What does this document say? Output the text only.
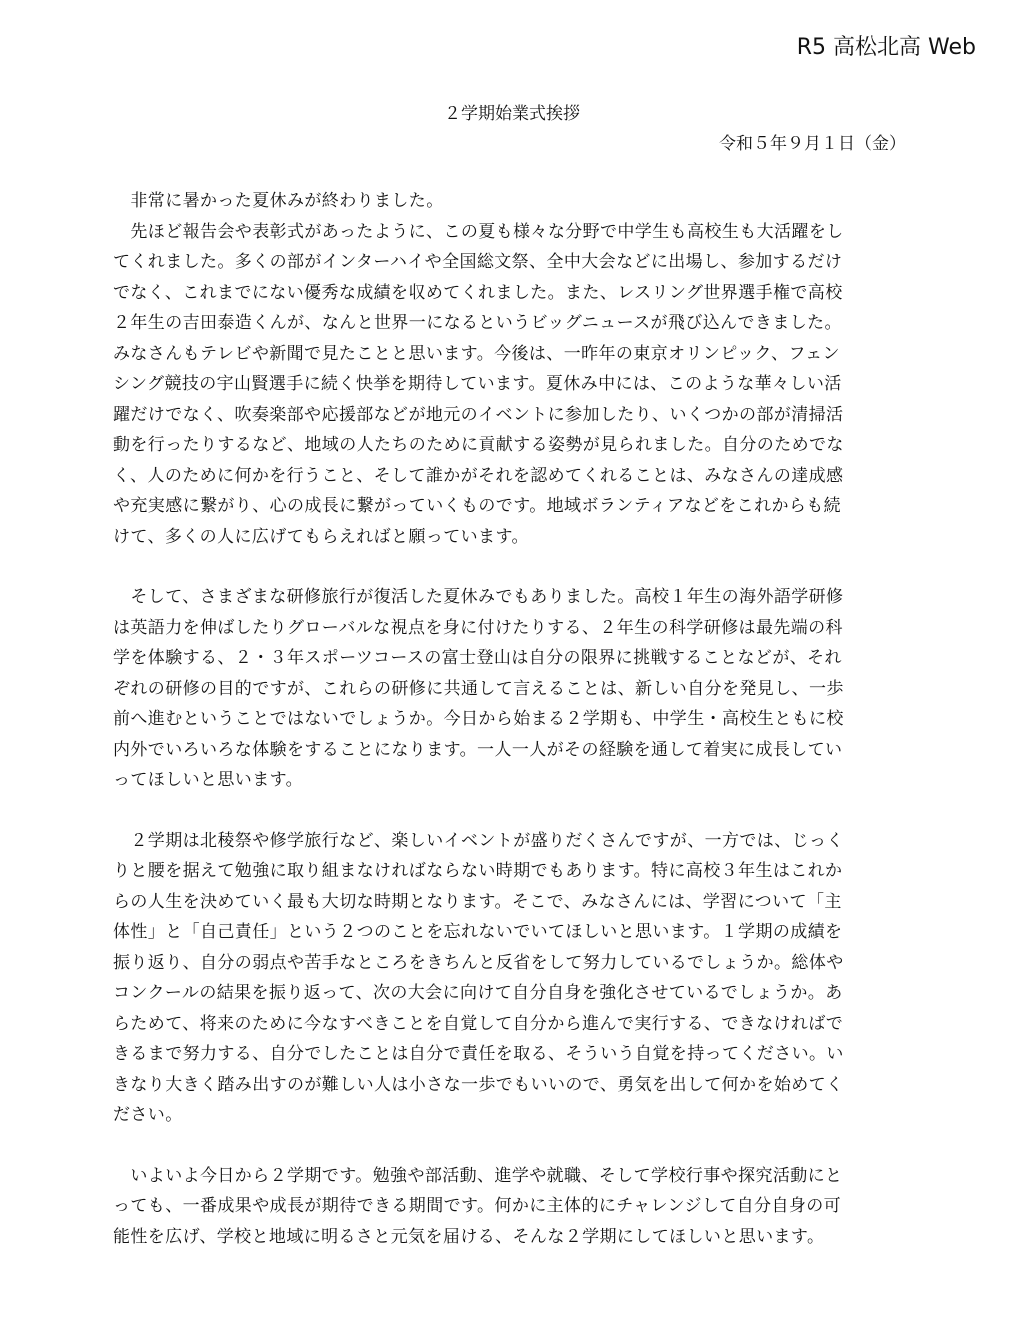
R5 高松北高 Web
２学期始業式挨拶
令和５年９月１日（金）

　非常に暑かった夏休みが終わりました。

　先ほど報告会や表彰式があったように、この夏も様々な分野で中学生も高校生も大活躍をし

てくれました。多くの部がインターハイや全国総文祭、全中大会などに出場し、参加するだけ

でなく、これまでにない優秀な成績を収めてくれました。また、レスリング世界選手権で高校

２年生の吉田泰造くんが、なんと世界一になるというビッグニュースが飛び込んできました。

みなさんもテレビや新聞で見たことと思います。今後は、一昨年の東京オリンピック、フェン

シング競技の宇山賢選手に続く快挙を期待しています。夏休み中には、このような華々しい活

躍だけでなく、吹奏楽部や応援部などが地元のイベントに参加したり、いくつかの部が清掃活

動を行ったりするなど、地域の人たちのために貢献する姿勢が見られました。自分のためでな

く、人のために何かを行うこと、そして誰かがそれを認めてくれることは、みなさんの達成感

や充実感に繋がり、心の成長に繋がっていくものです。地域ボランティアなどをこれからも続

けて、多くの人に広げてもらえればと願っています。

　そして、さまざまな研修旅行が復活した夏休みでもありました。高校１年生の海外語学研修

は英語力を伸ばしたりグローバルな視点を身に付けたりする、２年生の科学研修は最先端の科

学を体験する、２・３年スポーツコースの富士登山は自分の限界に挑戦することなどが、それ

ぞれの研修の目的ですが、これらの研修に共通して言えることは、新しい自分を発見し、一歩

前へ進むということではないでしょうか。今日から始まる２学期も、中学生・高校生ともに校

内外でいろいろな体験をすることになります。一人一人がその経験を通して着実に成長してい

ってほしいと思います。

　２学期は北稜祭や修学旅行など、楽しいイベントが盛りだくさんですが、一方では、じっく

りと腰を据えて勉強に取り組まなければならない時期でもあります。特に高校３年生はこれか

らの人生を決めていく最も大切な時期となります。そこで、みなさんには、学習について「主

体性」と「自己責任」という２つのことを忘れないでいてほしいと思います。１学期の成績を

振り返り、自分の弱点や苦手なところをきちんと反省をして努力しているでしょうか。総体や

コンクールの結果を振り返って、次の大会に向けて自分自身を強化させているでしょうか。あ

らためて、将来のために今なすべきことを自覚して自分から進んで実行する、できなければで

きるまで努力する、自分でしたことは自分で責任を取る、そういう自覚を持ってください。い

きなり大きく踏み出すのが難しい人は小さな一歩でもいいので、勇気を出して何かを始めてく

ださい。

　いよいよ今日から２学期です。勉強や部活動、進学や就職、そして学校行事や探究活動にと

っても、一番成果や成長が期待できる期間です。何かに主体的にチャレンジして自分自身の可

能性を広げ、学校と地域に明るさと元気を届ける、そんな２学期にしてほしいと思います。
